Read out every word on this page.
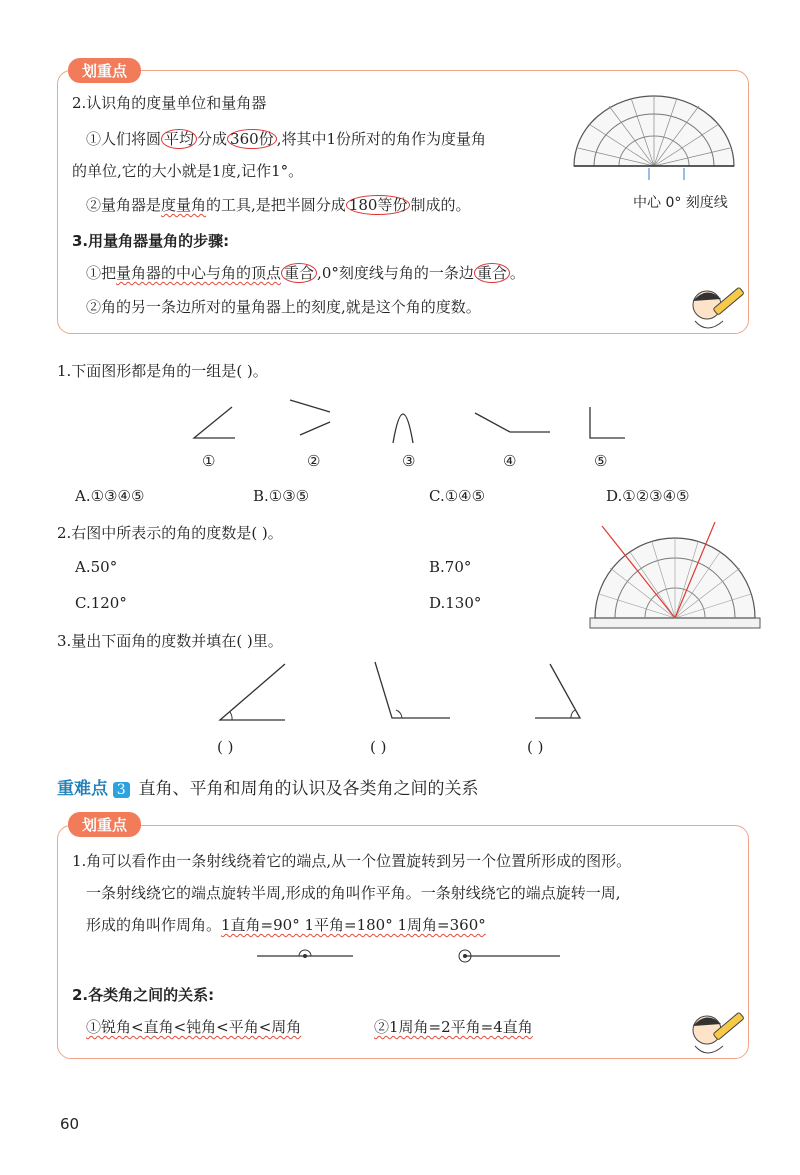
划重点
2.认识角的度量单位和量角器
①人们将圆 平均 分成 360份 ,将其中1份所对的角作为度量角
的单位,它的大小就是1度,记作1°。
②量角器是度量角的工具,是把半圆分成 180等份 制成的。	中心 0° 刻度线
3.用量角器量角的步骤:
①把量角器的中心与角的顶点 重合 ,0°刻度线与角的一条边 重合 。
②角的另一条边所对的量角器上的刻度,就是这个角的度数。
1.下面图形都是角的一组是( )。
①	②	③	④	⑤
A.①③④⑤	B.①③⑤	C.①④⑤	D.①②③④⑤
2.右图中所表示的角的度数是( )。
A.50°	B.70°
C.120°	D.130°
3.量出下面角的度数并填在( )里。
( )	( )	( )
重难点 3 直角、平角和周角的认识及各类角之间的关系
划重点
1.角可以看作由一条射线绕着它的端点,从一个位置旋转到另一个位置所形成的图形。
一条射线绕它的端点旋转半周,形成的角叫作平角。一条射线绕它的端点旋转一周,
形成的角叫作周角。1直角=90° 1平角=180° 1周角=360°
2.各类角之间的关系:
①锐角<直角<钝角<平角<周角	②1周角=2平角=4直角
60
